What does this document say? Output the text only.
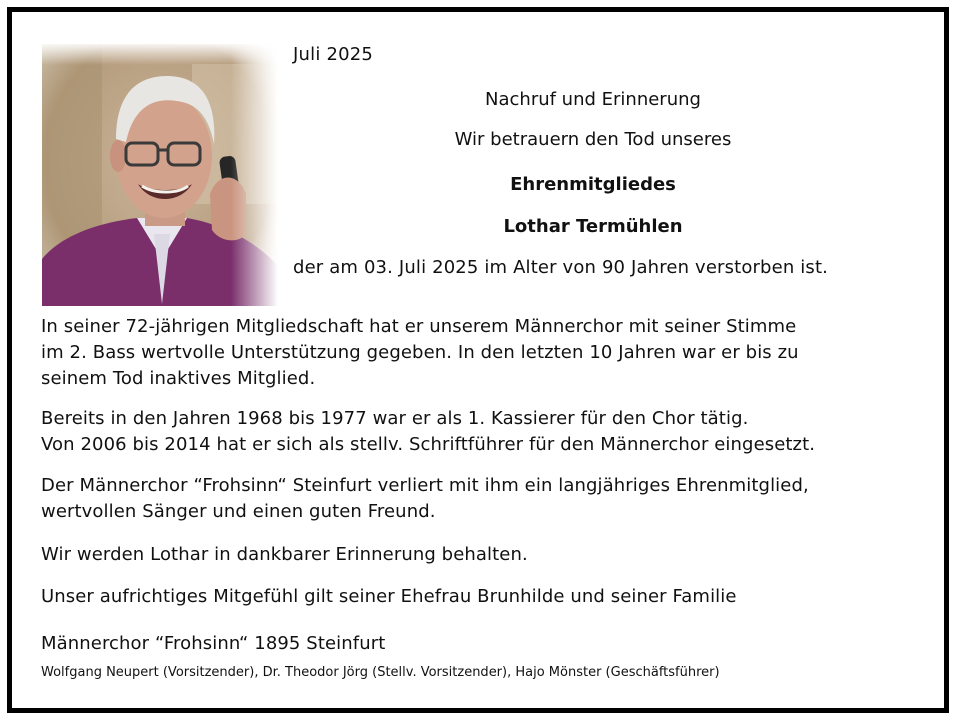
Juli 2025
Nachruf und Erinnerung
Wir betrauern den Tod unseres
Ehrenmitgliedes
Lothar Termühlen
der am 03. Juli 2025 im Alter von 90 Jahren verstorben ist.

In seiner 72-jährigen Mitgliedschaft hat er unserem Männerchor mit seiner Stimme
im 2. Bass wertvolle Unterstützung gegeben. In den letzten 10 Jahren war er bis zu
seinem Tod inaktives Mitglied.

Bereits in den Jahren 1968 bis 1977 war er als 1. Kassierer für den Chor tätig.
Von 2006 bis 2014 hat er sich als stellv. Schriftführer für den Männerchor eingesetzt.

Der Männerchor “Frohsinn“ Steinfurt verliert mit ihm ein langjähriges Ehrenmitglied,
wertvollen Sänger und einen guten Freund.

Wir werden Lothar in dankbarer Erinnerung behalten.

Unser aufrichtiges Mitgefühl gilt seiner Ehefrau Brunhilde und seiner Familie

Männerchor “Frohsinn“ 1895 Steinfurt

Wolfgang Neupert (Vorsitzender), Dr. Theodor Jörg (Stellv. Vorsitzender), Hajo Mönster (Geschäftsführer)
